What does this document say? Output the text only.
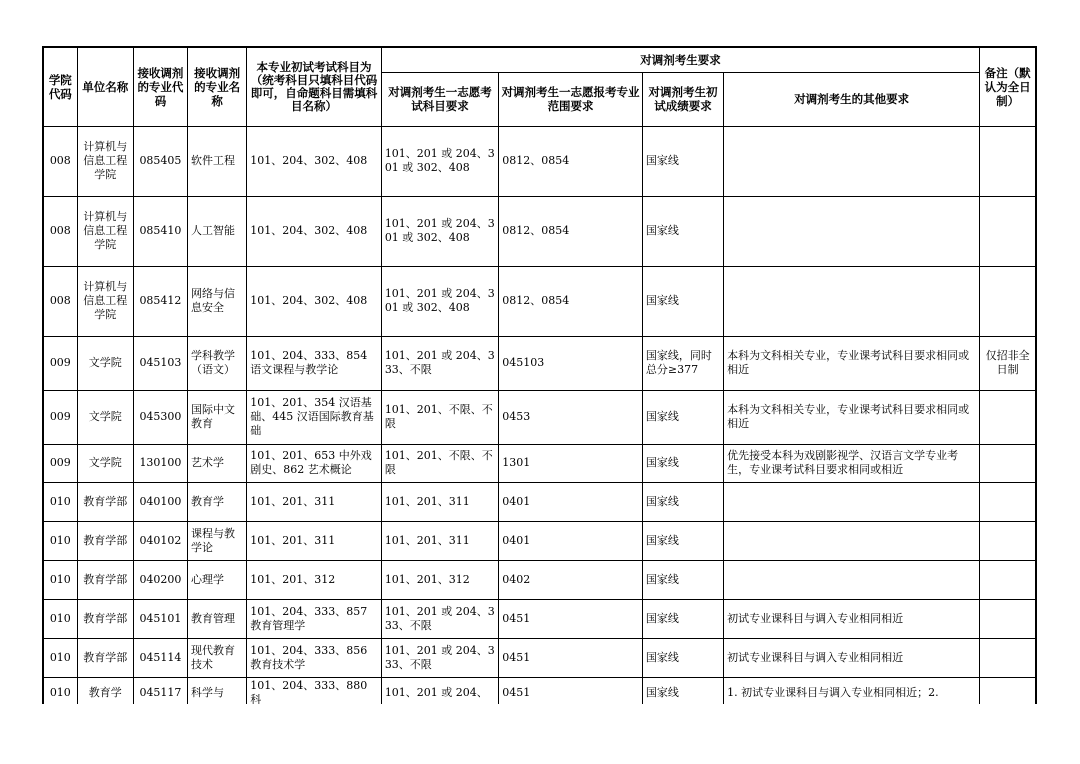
学院代码	单位名称	接收调剂的专业代码	接收调剂的专业名称	本专业初试考试科目为（统考科目只填科目代码即可，自命题科目需填科目名称）	对调剂考生要求				备注（默认为全日制）
					对调剂考生一志愿考试科目要求	对调剂考生一志愿报考专业范围要求	对调剂考生初试成绩要求	对调剂考生的其他要求	
008	计算机与信息工程学院	085405	软件工程	101、204、302、408	101、201 或 204、301 或 302、408	0812、0854	国家线		
008	计算机与信息工程学院	085410	人工智能	101、204、302、408	101、201 或 204、301 或 302、408	0812、0854	国家线		
008	计算机与信息工程学院	085412	网络与信息安全	101、204、302、408	101、201 或 204、301 或 302、408	0812、0854	国家线		
009	文学院	045103	学科教学（语文）	101、204、333、854 语文课程与教学论	101、201 或 204、333、不限	045103	国家线，同时总分≥377	本科为文科相关专业，专业课考试科目要求相同或相近	仅招非全日制
009	文学院	045300	国际中文教育	101、201、354 汉语基础、445 汉语国际教育基础	101、201、不限、不限	0453	国家线	本科为文科相关专业，专业课考试科目要求相同或相近	
009	文学院	130100	艺术学	101、201、653 中外戏剧史、862 艺术概论	101、201、不限、不限	1301	国家线	优先接受本科为戏剧影视学、汉语言文学专业考生，专业课考试科目要求相同或相近	
010	教育学部	040100	教育学	101、201、311	101、201、311	0401	国家线		
010	教育学部	040102	课程与教学论	101、201、311	101、201、311	0401	国家线		
010	教育学部	040200	心理学	101、201、312	101、201、312	0402	国家线		
010	教育学部	045101	教育管理	101、204、333、857 教育管理学	101、201 或 204、333、不限	0451	国家线	初试专业课科目与调入专业相同相近	
010	教育学部	045114	现代教育技术	101、204、333、856 教育技术学	101、201 或 204、333、不限	0451	国家线	初试专业课科目与调入专业相同相近	
010	教育学	045117	科学与	101、204、333、880 科	101、201 或 204、	0451	国家线	1. 初试专业课科目与调入专业相同相近；2.	
